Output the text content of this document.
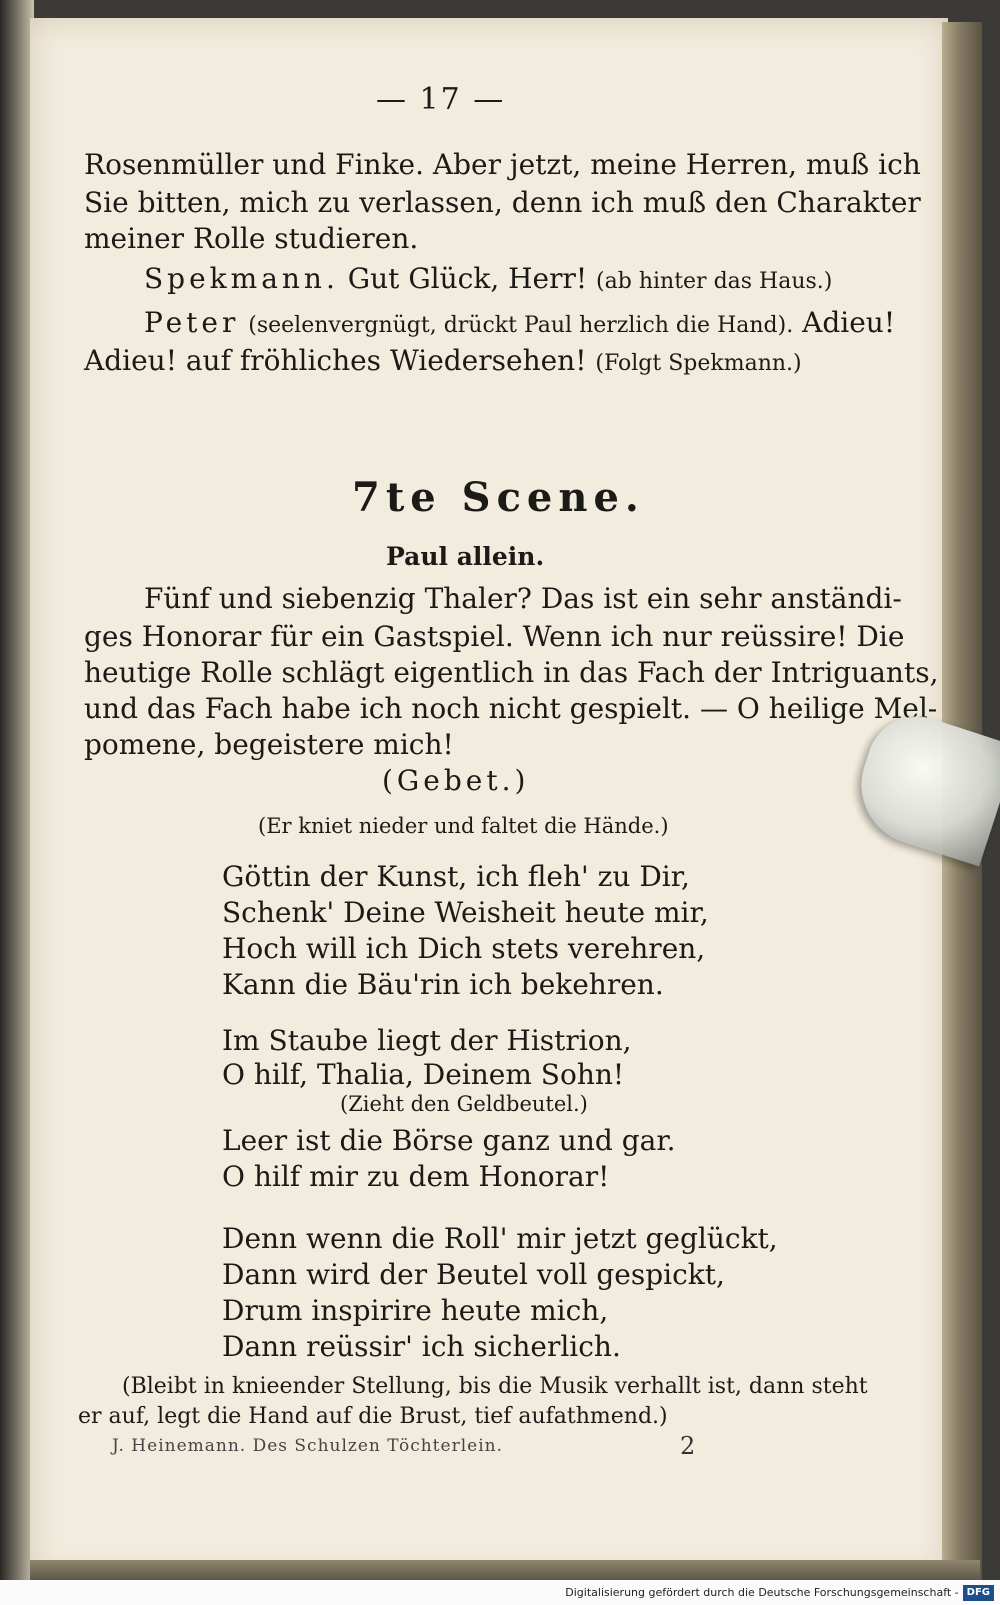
— 17 —
Rosenmüller und Finke. Aber jetzt, meine Herren, muß ich
Sie bitten, mich zu verlassen, denn ich muß den Charakter
meiner Rolle studieren.
Spekmann. Gut Glück, Herr! (ab hinter das Haus.)
Peter (seelenvergnügt, drückt Paul herzlich die Hand). Adieu!
Adieu! auf fröhliches Wiedersehen! (Folgt Spekmann.)
7te Scene.
Paul allein.
Fünf und siebenzig Thaler? Das ist ein sehr anständi-
ges Honorar für ein Gastspiel. Wenn ich nur reüssire! Die
heutige Rolle schlägt eigentlich in das Fach der Intriguants,
und das Fach habe ich noch nicht gespielt. — O heilige Mel-
pomene, begeistere mich!
(Gebet.)
(Er kniet nieder und faltet die Hände.)
Göttin der Kunst, ich fleh' zu Dir,
Schenk' Deine Weisheit heute mir,
Hoch will ich Dich stets verehren,
Kann die Bäu'rin ich bekehren.
Im Staube liegt der Histrion,
O hilf, Thalia, Deinem Sohn!
(Zieht den Geldbeutel.)
Leer ist die Börse ganz und gar.
O hilf mir zu dem Honorar!
Denn wenn die Roll' mir jetzt geglückt,
Dann wird der Beutel voll gespickt,
Drum inspirire heute mich,
Dann reüssir' ich sicherlich.
(Bleibt in knieender Stellung, bis die Musik verhallt ist, dann steht
er auf, legt die Hand auf die Brust, tief aufathmend.)
J. Heinemann. Des Schulzen Töchterlein.	2
Digitalisierung gefördert durch die Deutsche Forschungsgemeinschaft - DFG
